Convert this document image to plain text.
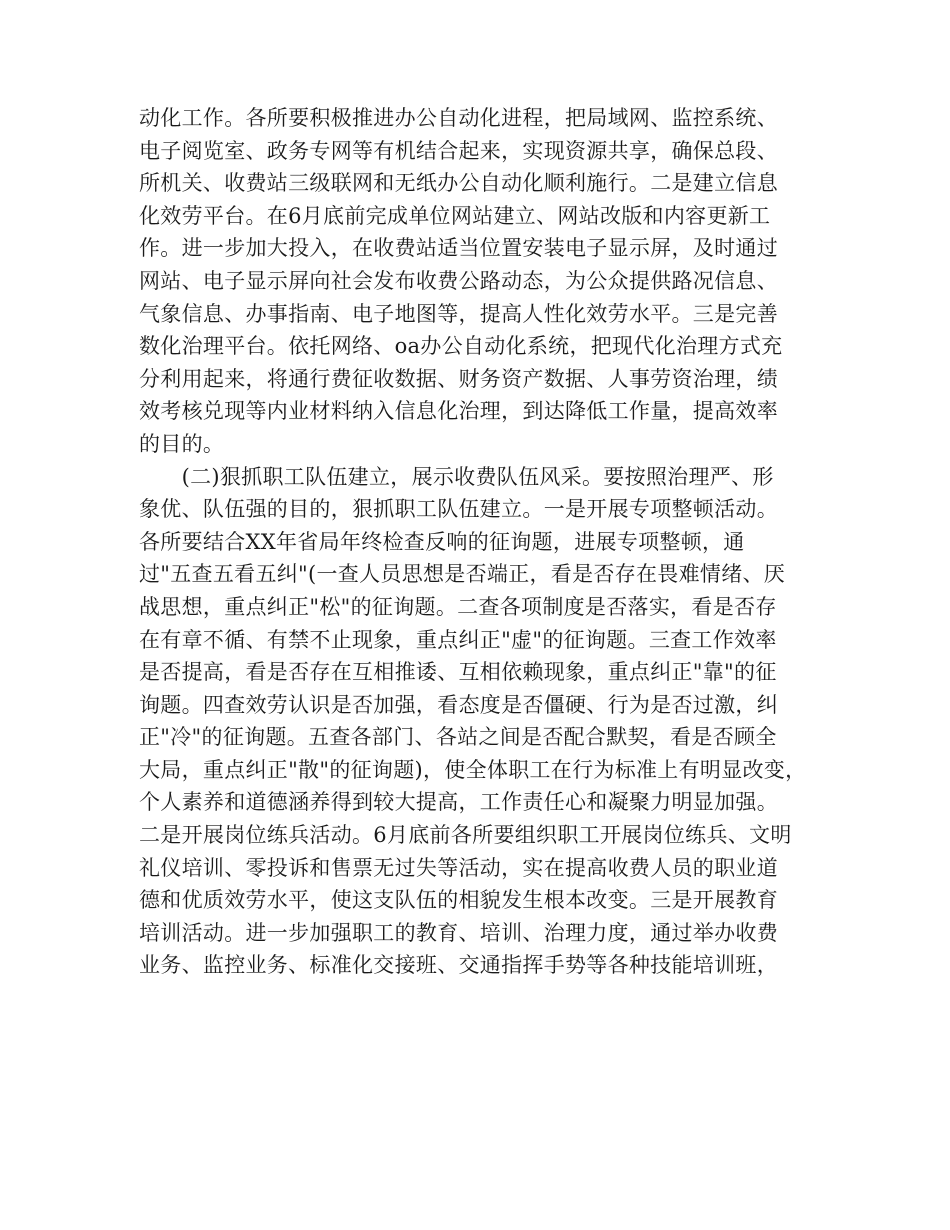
动化工作。各所要积极推进办公自动化进程，把局域网、监控系统、
电子阅览室、政务专网等有机结合起来，实现资源共享，确保总段、
所机关、收费站三级联网和无纸办公自动化顺利施行。二是建立信息
化效劳平台。在6月底前完成单位网站建立、网站改版和内容更新工
作。进一步加大投入，在收费站适当位置安装电子显示屏，及时通过
网站、电子显示屏向社会发布收费公路动态，为公众提供路况信息、
气象信息、办事指南、电子地图等，提高人性化效劳水平。三是完善
数化治理平台。依托网络、oa办公自动化系统，把现代化治理方式充
分利用起来，将通行费征收数据、财务资产数据、人事劳资治理，绩
效考核兑现等内业材料纳入信息化治理，到达降低工作量，提高效率
的目的。
　　(二)狠抓职工队伍建立，展示收费队伍风采。要按照治理严、形
象优、队伍强的目的，狠抓职工队伍建立。一是开展专项整顿活动。
各所要结合XX年省局年终检查反响的征询题，进展专项整顿，通
过"五查五看五纠"(一查人员思想是否端正，看是否存在畏难情绪、厌
战思想，重点纠正"松"的征询题。二查各项制度是否落实，看是否存
在有章不循、有禁不止现象，重点纠正"虚"的征询题。三查工作效率
是否提高，看是否存在互相推诿、互相依赖现象，重点纠正"靠"的征
询题。四查效劳认识是否加强，看态度是否僵硬、行为是否过激，纠
正"冷"的征询题。五查各部门、各站之间是否配合默契，看是否顾全
大局，重点纠正"散"的征询题)，使全体职工在行为标准上有明显改变，
个人素养和道德涵养得到较大提高，工作责任心和凝聚力明显加强。
二是开展岗位练兵活动。6月底前各所要组织职工开展岗位练兵、文明
礼仪培训、零投诉和售票无过失等活动，实在提高收费人员的职业道
德和优质效劳水平，使这支队伍的相貌发生根本改变。三是开展教育
培训活动。进一步加强职工的教育、培训、治理力度，通过举办收费
业务、监控业务、标准化交接班、交通指挥手势等各种技能培训班，
